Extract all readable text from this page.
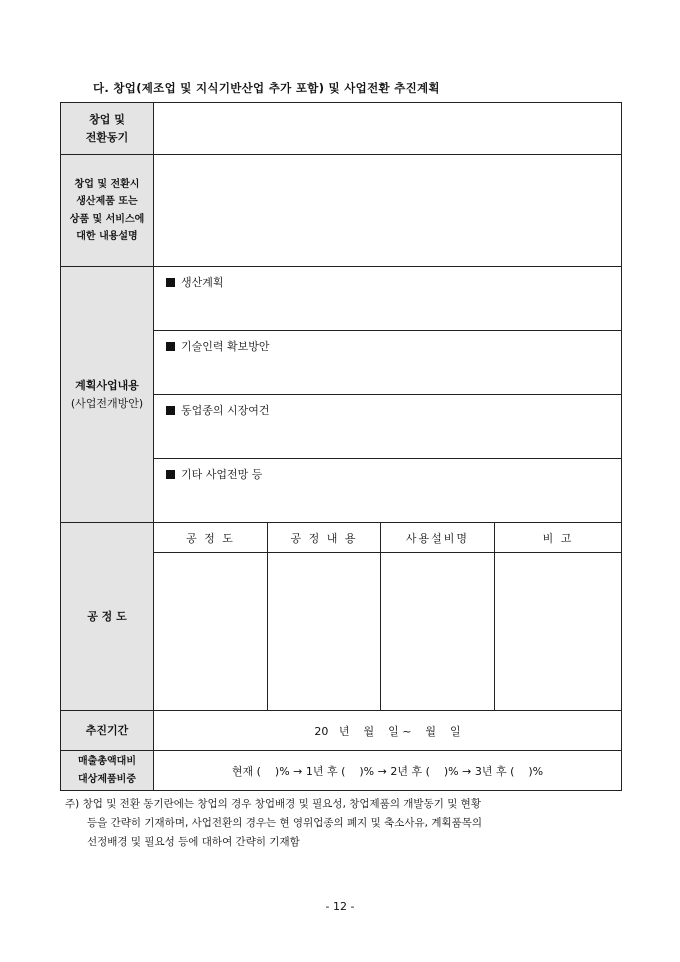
다. 창업(제조업 및 지식기반산업 추가 포함) 및 사업전환 추진계획
창업 및
전환동기				
창업 및 전환시
생산제품 또는
상품 및 서비스에
대한 내용설명				

계획사업내용
(사업전개방안)	생산계획			

	기술인력 확보방안			

	동업종의 시장여건			

	기타 사업전망 등			

공 정 도	공 정 도	공 정 내 용	사용설비명	비 고

추진기간	20   년    월    일 ~    월    일			
매출총액대비
대상제품비중	현재 (    )% → 1년 후 (    )% → 2년 후 (    )% → 3년 후 (    )%			
주) 창업 및 전환 동기란에는 창업의 경우 창업배경 및 필요성, 창업제품의 개발동기 및 현황
등을 간략히 기재하며, 사업전환의 경우는 현 영위업종의 폐지 및 축소사유, 계획품목의
선정배경 및 필요성 등에 대하여 간략히 기재함
- 12 -
